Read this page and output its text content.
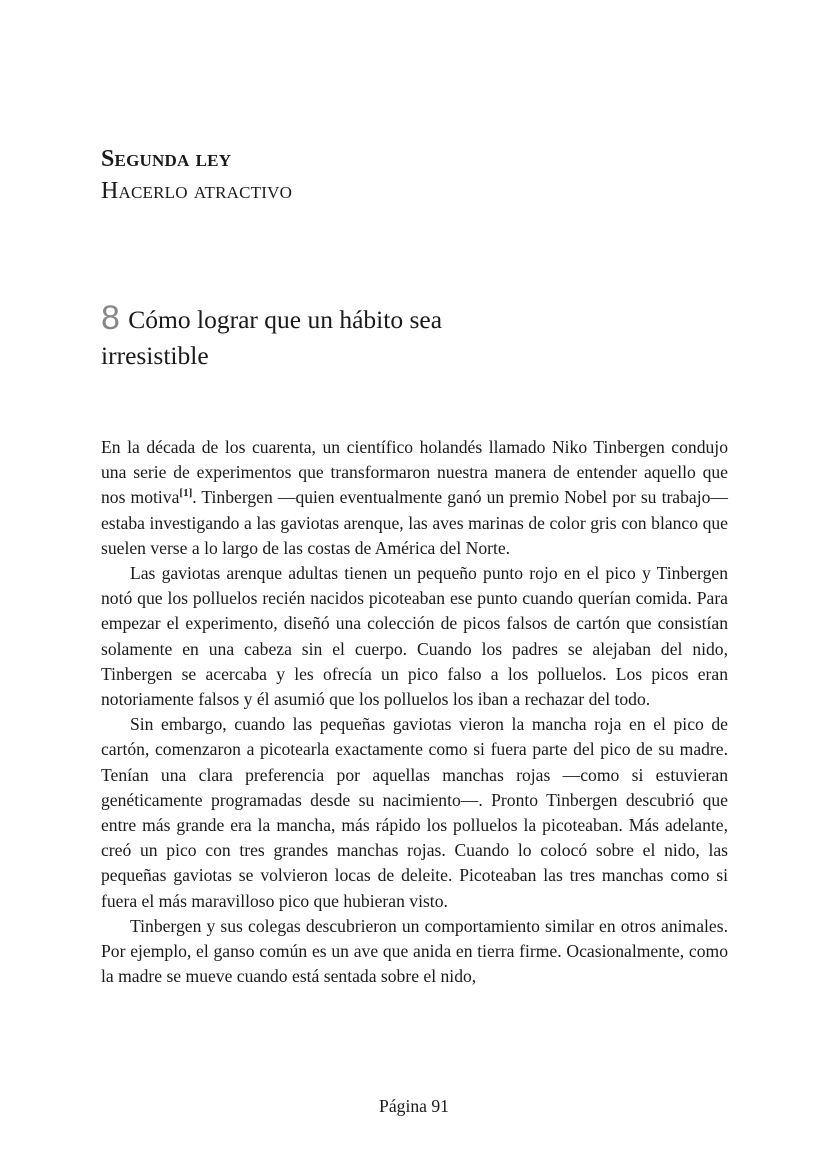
Segunda ley
Hacerlo atractivo
8 Cómo lograr que un hábito sea irresistible

En la década de los cuarenta, un científico holandés llamado Niko Tinbergen condujo una serie de experimentos que transformaron nuestra manera de entender aquello que nos motiva[1]. Tinbergen —quien eventualmente ganó un premio Nobel por su trabajo— estaba investigando a las gaviotas arenque, las aves marinas de color gris con blanco que suelen verse a lo largo de las costas de América del Norte.

Las gaviotas arenque adultas tienen un pequeño punto rojo en el pico y Tinbergen notó que los polluelos recién nacidos picoteaban ese punto cuando querían comida. Para empezar el experimento, diseñó una colección de picos falsos de cartón que consistían solamente en una cabeza sin el cuerpo. Cuando los padres se alejaban del nido, Tinbergen se acercaba y les ofrecía un pico falso a los polluelos. Los picos eran notoriamente falsos y él asumió que los polluelos los iban a rechazar del todo.

Sin embargo, cuando las pequeñas gaviotas vieron la mancha roja en el pico de cartón, comenzaron a picotearla exactamente como si fuera parte del pico de su madre. Tenían una clara preferencia por aquellas manchas rojas —como si estuvieran genéticamente programadas desde su nacimiento—. Pronto Tinbergen descubrió que entre más grande era la mancha, más rápido los polluelos la picoteaban. Más adelante, creó un pico con tres grandes manchas rojas. Cuando lo colocó sobre el nido, las pequeñas gaviotas se volvieron locas de deleite. Picoteaban las tres manchas como si fuera el más maravilloso pico que hubieran visto.

Tinbergen y sus colegas descubrieron un comportamiento similar en otros animales. Por ejemplo, el ganso común es un ave que anida en tierra firme. Ocasionalmente, como la madre se mueve cuando está sentada sobre el nido,

Página 91
